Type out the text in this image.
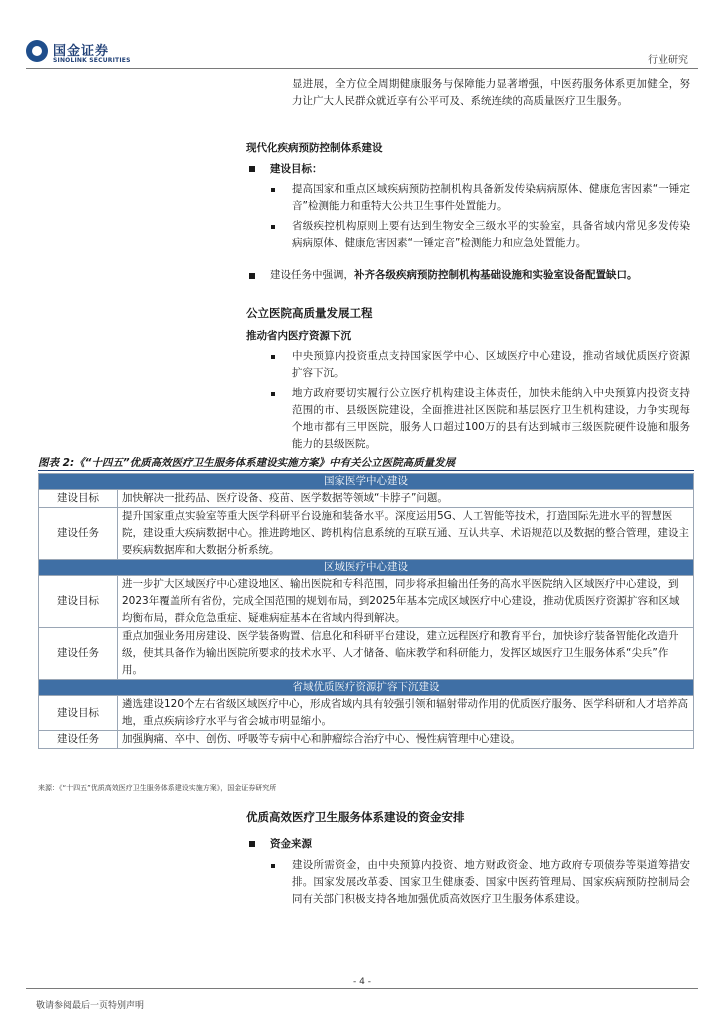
国金证券
SINOLINK SECURITIES	行业研究
显进展，全方位全周期健康服务与保障能力显著增强，中医药服务体系更加健全，努力让广大人民群众就近享有公平可及、系统连续的高质量医疗卫生服务。
现代化疾病预防控制体系建设
建设目标：
提高国家和重点区域疾病预防控制机构具备新发传染病病原体、健康危害因素“一锤定音”检测能力和重特大公共卫生事件处置能力。
省级疾控机构原则上要有达到生物安全三级水平的实验室，具备省域内常见多发传染病病原体、健康危害因素“一锤定音”检测能力和应急处置能力。
建设任务中强调，补齐各级疾病预防控制机构基础设施和实验室设备配置缺口。
公立医院高质量发展工程
推动省内医疗资源下沉
中央预算内投资重点支持国家医学中心、区域医疗中心建设，推动省域优质医疗资源扩容下沉。
地方政府要切实履行公立医疗机构建设主体责任，加快未能纳入中央预算内投资支持范围的市、县级医院建设，全面推进社区医院和基层医疗卫生机构建设，力争实现每个地市都有三甲医院，服务人口超过100万的县有达到城市三级医院硬件设施和服务能力的县级医院。
图表 2:《“十四五”优质高效医疗卫生服务体系建设实施方案》中有关公立医院高质量发展
国家医学中心建设	
建设目标	加快解决一批药品、医疗设备、疫苗、医学数据等领域“卡脖子”问题。
建设任务	提升国家重点实验室等重大医学科研平台设施和装备水平。深度运用5G、人工智能等技术，打造国际先进水平的智慧医院，建设重大疾病数据中心。推进跨地区、跨机构信息系统的互联互通、互认共享、术语规范以及数据的整合管理，建设主要疾病数据库和大数据分析系统。
区域医疗中心建设	
建设目标	进一步扩大区域医疗中心建设地区、输出医院和专科范围，同步将承担输出任务的高水平医院纳入区域医疗中心建设，到2023年覆盖所有省份，完成全国范围的规划布局，到2025年基本完成区域医疗中心建设，推动优质医疗资源扩容和区域均衡布局，群众危急重症、疑难病症基本在省域内得到解决。
建设任务	重点加强业务用房建设、医学装备购置、信息化和科研平台建设，建立远程医疗和教育平台，加快诊疗装备智能化改造升级，使其具备作为输出医院所要求的技术水平、人才储备、临床教学和科研能力，发挥区域医疗卫生服务体系“尖兵”作用。
省域优质医疗资源扩容下沉建设	
建设目标	遴选建设120个左右省级区域医疗中心，形成省域内具有较强引领和辐射带动作用的优质医疗服务、医学科研和人才培养高地，重点疾病诊疗水平与省会城市明显缩小。
建设任务	加强胸痛、卒中、创伤、呼吸等专病中心和肿瘤综合治疗中心、慢性病管理中心建设。
来源：《“十四五”优质高效医疗卫生服务体系建设实施方案》，国金证券研究所
优质高效医疗卫生服务体系建设的资金安排
资金来源
建设所需资金，由中央预算内投资、地方财政资金、地方政府专项债券等渠道筹措安排。国家发展改革委、国家卫生健康委、国家中医药管理局、国家疾病预防控制局会同有关部门积极支持各地加强优质高效医疗卫生服务体系建设。
- 4 -
敬请参阅最后一页特别声明
